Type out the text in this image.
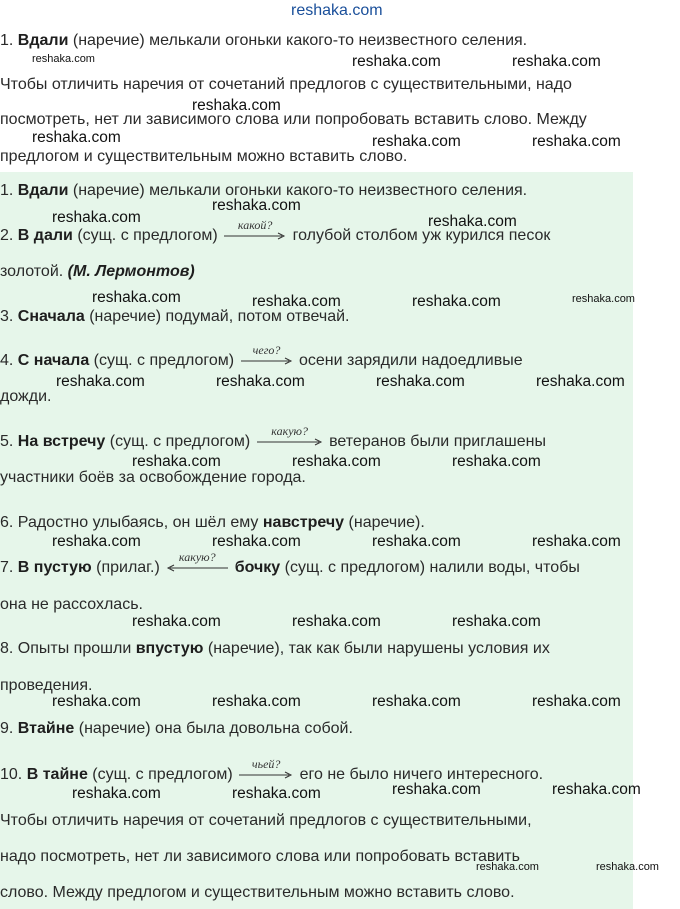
reshaka.com
1. Вдали (наречие) мелькали огоньки какого-то неизвестного селения.
Чтобы отличить наречия от сочетаний предлогов с существительными, надо
посмотреть, нет ли зависимого слова или попробовать вставить слово. Между
предлогом и существительным можно вставить слово.
1. Вдали (наречие) мелькали огоньки какого-то неизвестного селения.
2. В дали (сущ. с предлогом)
какой?
голубой столбом уж курился песок
золотой. (М. Лермонтов)
3. Сначала (наречие) подумай, потом отвечай.
4. С начала (сущ. с предлогом)
чего?
осени зарядили надоедливые
дожди.
5. На встречу (сущ. с предлогом)
какую?
ветеранов были приглашены
участники боёв за освобождение города.
6. Радостно улыбаясь, он шёл ему навстречу (наречие).
7. В пустую (прилаг.)
какую?
бочку (сущ. с предлогом) налили воды, чтобы
она не рассохлась.
8. Опыты прошли впустую (наречие), так как были нарушены условия их
проведения.
9. Втайне (наречие) она была довольна собой.
10. В тайне (сущ. с предлогом)
чьей?
его не было ничего интересного.
Чтобы отличить наречия от сочетаний предлогов с существительными,
надо посмотреть, нет ли зависимого слова или попробовать вставить
слово. Между предлогом и существительным можно вставить слово.
reshaka.com	reshaka.com	reshaka.com
reshaka.com
reshaka.com	reshaka.com	reshaka.com
reshaka.com
reshaka.com	reshaka.com
reshaka.com	reshaka.com	reshaka.com	reshaka.com
reshaka.com	reshaka.com	reshaka.com	reshaka.com
reshaka.com	reshaka.com	reshaka.com
reshaka.com	reshaka.com	reshaka.com	reshaka.com
reshaka.com	reshaka.com	reshaka.com
reshaka.com	reshaka.com	reshaka.com	reshaka.com
reshaka.com	reshaka.com	reshaka.com	reshaka.com
reshaka.com	reshaka.com
